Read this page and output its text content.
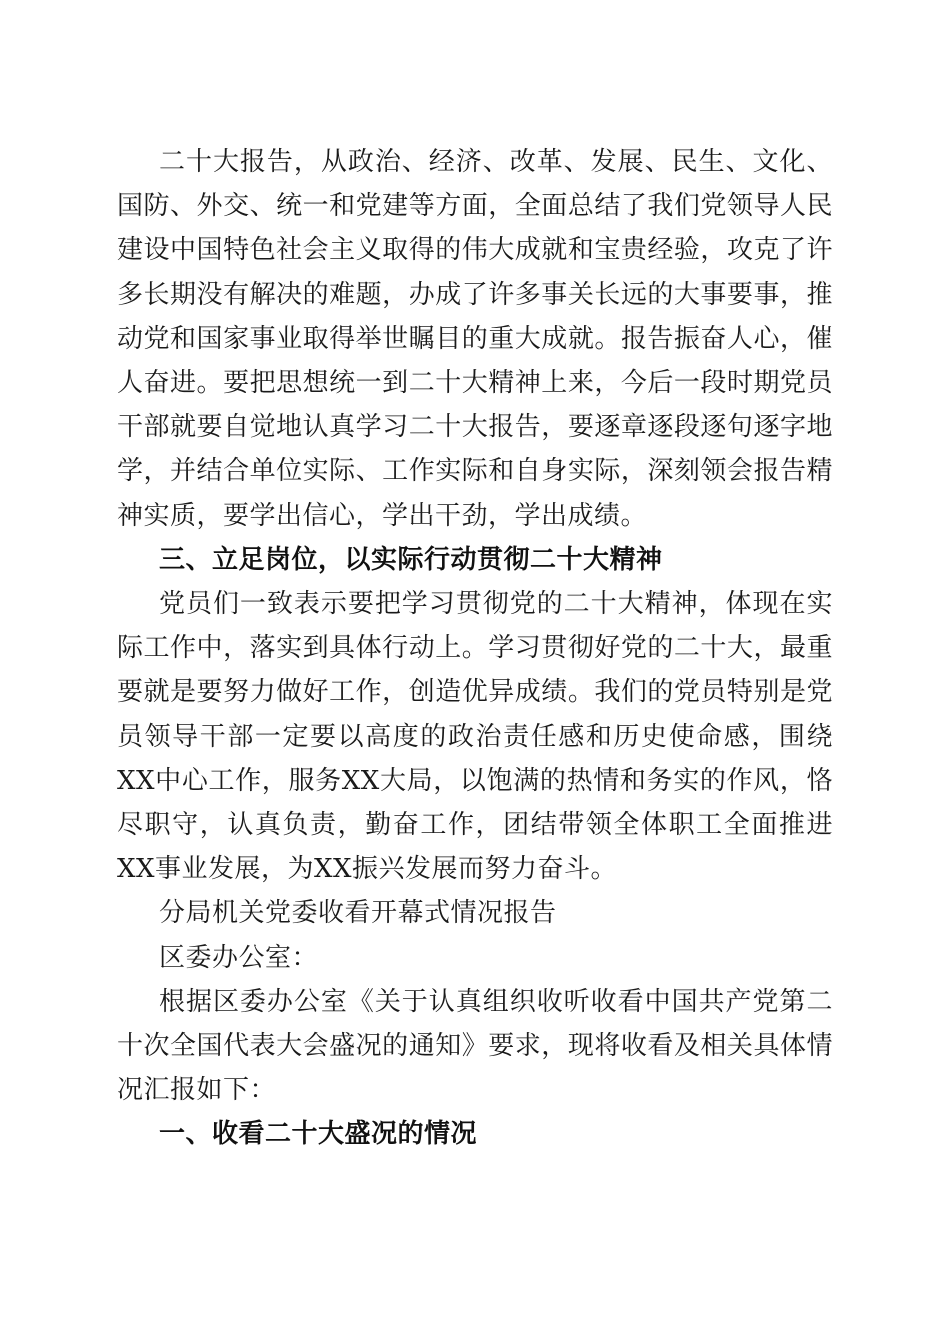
二十大报告，从政治、经济、改革、发展、民生、文化、国防、外交、统一和党建等方面，全面总结了我们党领导人民建设中国特色社会主义取得的伟大成就和宝贵经验，攻克了许多长期没有解决的难题，办成了许多事关长远的大事要事，推动党和国家事业取得举世瞩目的重大成就。报告振奋人心，催人奋进。要把思想统一到二十大精神上来，今后一段时期党员干部就要自觉地认真学习二十大报告，要逐章逐段逐句逐字地学，并结合单位实际、工作实际和自身实际，深刻领会报告精神实质，要学出信心，学出干劲，学出成绩。

三、立足岗位，以实际行动贯彻二十大精神

党员们一致表示要把学习贯彻党的二十大精神，体现在实际工作中，落实到具体行动上。学习贯彻好党的二十大，最重要就是要努力做好工作，创造优异成绩。我们的党员特别是党员领导干部一定要以高度的政治责任感和历史使命感，围绕XX中心工作，服务XX大局，以饱满的热情和务实的作风，恪尽职守，认真负责，勤奋工作，团结带领全体职工全面推进XX事业发展，为XX振兴发展而努力奋斗。

分局机关党委收看开幕式情况报告

区委办公室：

根据区委办公室《关于认真组织收听收看中国共产党第二十次全国代表大会盛况的通知》要求，现将收看及相关具体情况汇报如下：

一、收看二十大盛况的情况
